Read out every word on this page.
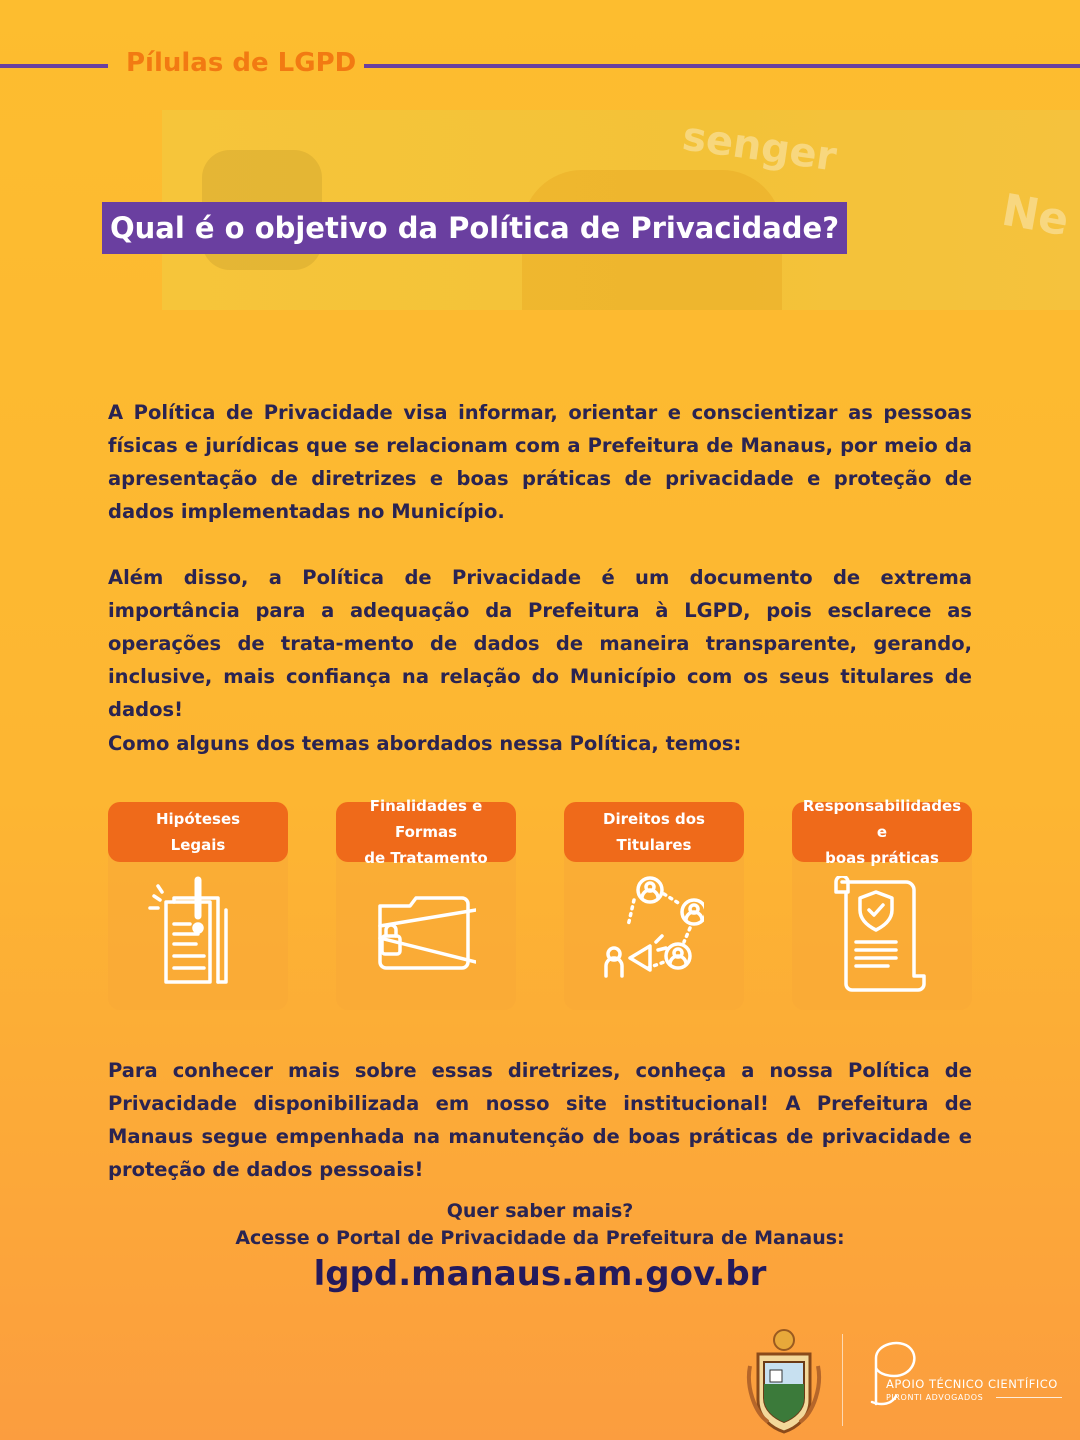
Pílulas de LGPD
senger
Ne
Qual é o objetivo da Política de Privacidade?
A Política de Privacidade visa informar, orientar e conscientizar as pessoas físicas e jurídicas que se relacionam com a Prefeitura de Manaus, por meio da apresentação de diretrizes e boas práticas de privacidade e proteção de dados implementadas no Município.
Além disso, a Política de Privacidade é um documento de extrema importância para a adequação da Prefeitura à LGPD, pois esclarece as operações de trata-mento de dados de maneira transparente, gerando, inclusive, mais confiança na relação do Município com os seus titulares de dados!
Como alguns dos temas abordados nessa Política, temos:
Hipóteses
Legais
Finalidades e Formas
de Tratamento
Direitos dos
Titulares
Responsabilidades e
boas práticas
Para conhecer mais sobre essas diretrizes, conheça a nossa Política de Privacidade disponibilizada em nosso site institucional! A Prefeitura de Manaus segue empenhada na manutenção de boas práticas de privacidade e proteção de dados pessoais!
Quer saber mais?
Acesse o Portal de Privacidade da Prefeitura de Manaus:
lgpd.manaus.am.gov.br
APOIO TÉCNICO CIENTÍFICO
PIRONTI ADVOGADOS
